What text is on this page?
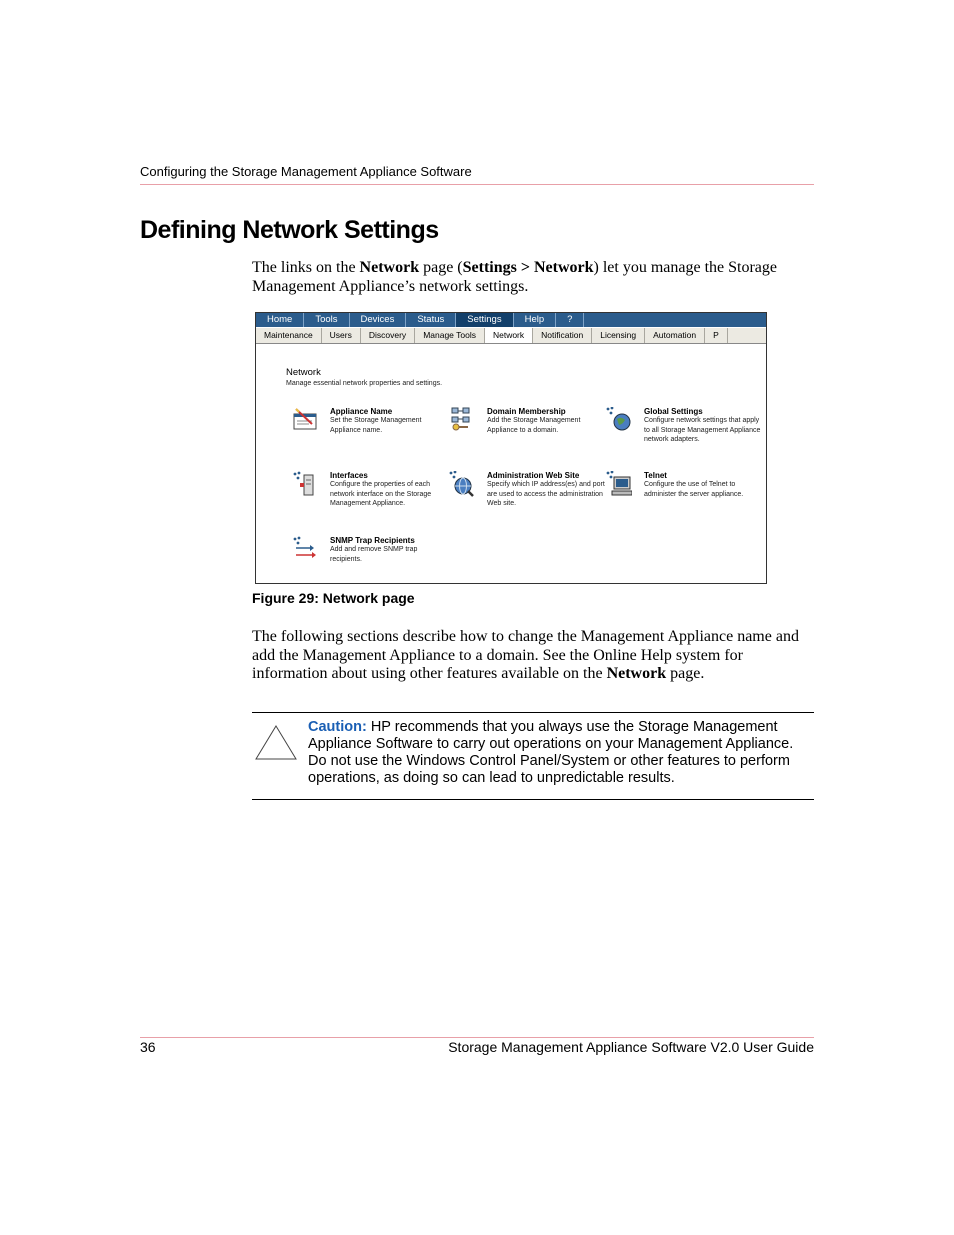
Configuring the Storage Management Appliance Software
Defining Network Settings

The links on the Network page (Settings > Network) let you manage the Storage Management Appliance’s network settings.

Home	Tools	Devices	Status	Settings	Help	?
Maintenance	Users	Discovery	Manage Tools	Network	Notification	Licensing	Automation	P
Network
Manage essential network properties and settings.
Appliance Name
Set the Storage Management Appliance name.
Domain Membership
Add the Storage Management Appliance to a domain.
Global Settings
Configure network settings that apply to all Storage Management Appliance network adapters.
Interfaces
Configure the properties of each network interface on the Storage Management Appliance.
Administration Web Site
Specify which IP address(es) and port are used to access the administration Web site.
Telnet
Configure the use of Telnet to administer the server appliance.
SNMP Trap Recipients
Add and remove SNMP trap recipients.
Figure 29: Network page

The following sections describe how to change the Management Appliance name and add the Management Appliance to a domain. See the Online Help system for information about using other features available on the Network page.

Caution: HP recommends that you always use the Storage Management Appliance Software to carry out operations on your Management Appliance. Do not use the Windows Control Panel/System or other features to perform operations, as doing so can lead to unpredictable results.
36	Storage Management Appliance Software V2.0 User Guide
